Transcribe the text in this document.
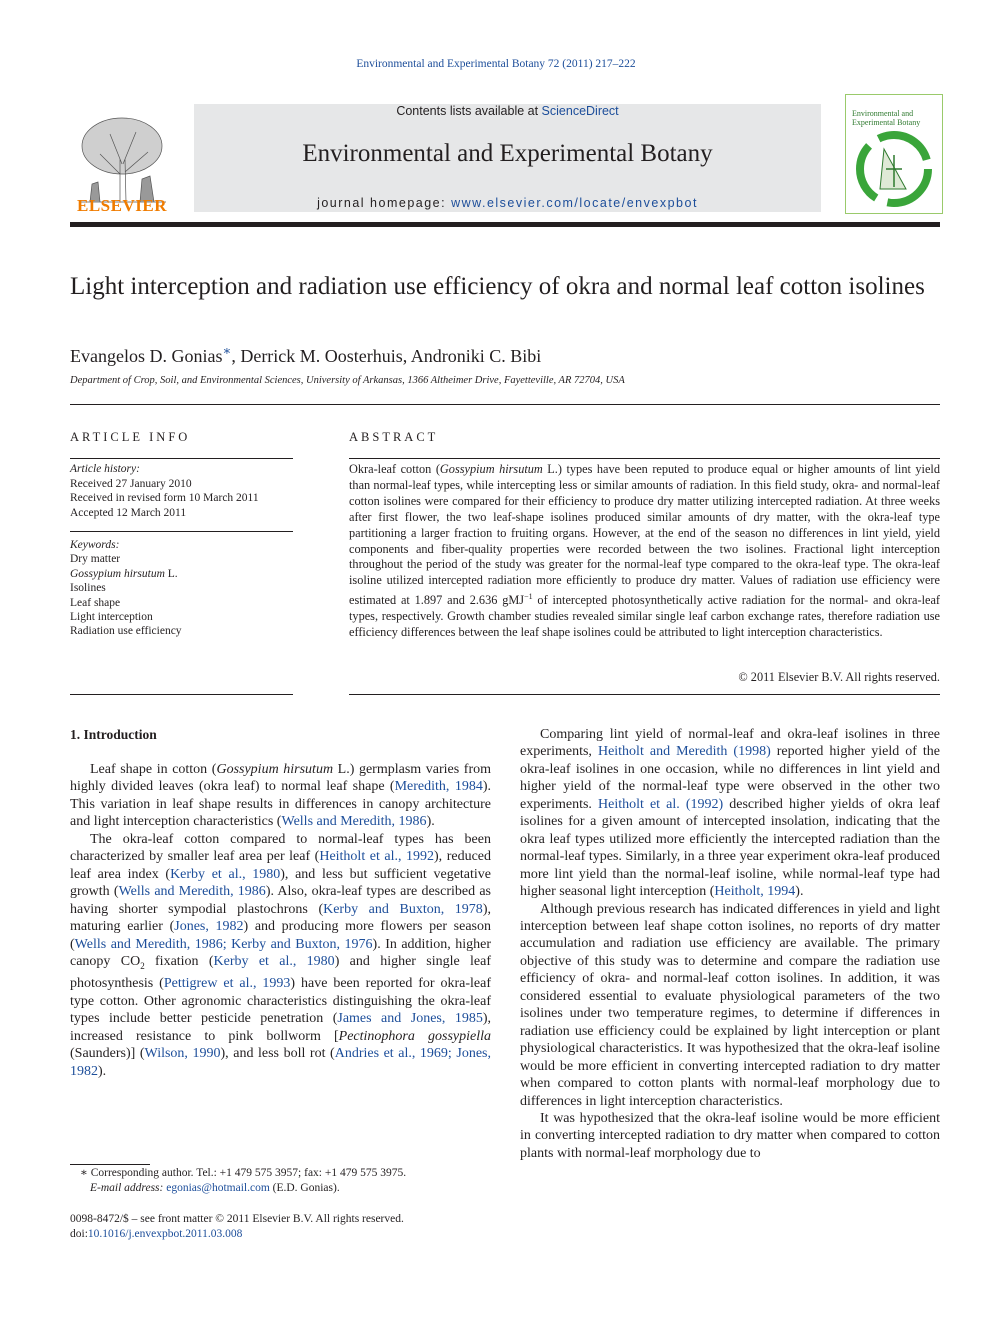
Environmental and Experimental Botany 72 (2011) 217–222
ELSEVIER
Contents lists available at ScienceDirect
Environmental and Experimental Botany
journal homepage: www.elsevier.com/locate/envexpbot
Environmental and Experimental Botany
Light interception and radiation use efficiency of okra and normal leaf cotton isolines
Evangelos D. Gonias∗, Derrick M. Oosterhuis, Androniki C. Bibi
Department of Crop, Soil, and Environmental Sciences, University of Arkansas, 1366 Altheimer Drive, Fayetteville, AR 72704, USA
ARTICLE INFO	ABSTRACT
Article history:
Received 27 January 2010
Received in revised form 10 March 2011
Accepted 12 March 2011
Keywords:
Dry matter
Gossypium hirsutum L.
Isolines
Leaf shape
Light interception
Radiation use efficiency
Okra-leaf cotton (Gossypium hirsutum L.) types have been reputed to produce equal or higher amounts of lint yield than normal-leaf types, while intercepting less or similar amounts of radiation. In this field study, okra- and normal-leaf cotton isolines were compared for their efficiency to produce dry matter utilizing intercepted radiation. At three weeks after first flower, the two leaf-shape isolines produced similar amounts of dry matter, with the okra-leaf type partitioning a larger fraction to fruiting organs. However, at the end of the season no differences in lint yield, yield components and fiber-quality properties were recorded between the two isolines. Fractional light interception throughout the period of the study was greater for the normal-leaf type compared to the okra-leaf type. The okra-leaf isoline utilized intercepted radiation more efficiently to produce dry matter. Values of radiation use efficiency were estimated at 1.897 and 2.636 gMJ$^{-1}$ of intercepted photosynthetically active radiation for the normal- and okra-leaf types, respectively. Growth chamber studies revealed similar single leaf carbon exchange rates, therefore radiation use efficiency differences between the leaf shape isolines could be attributed to light interception characteristics.
© 2011 Elsevier B.V. All rights reserved.
1. Introduction

Leaf shape in cotton (Gossypium hirsutum L.) germplasm varies from highly divided leaves (okra leaf) to normal leaf shape (Meredith, 1984). This variation in leaf shape results in differences in canopy architecture and light interception characteristics (Wells and Meredith, 1986).

The okra-leaf cotton compared to normal-leaf types has been characterized by smaller leaf area per leaf (Heitholt et al., 1992), reduced leaf area index (Kerby et al., 1980), and less but sufficient vegetative growth (Wells and Meredith, 1986). Also, okra-leaf types are described as having shorter sympodial plastochrons (Kerby and Buxton, 1978), maturing earlier (Jones, 1982) and producing more flowers per season (Wells and Meredith, 1986; Kerby and Buxton, 1976). In addition, higher canopy $CO_2$ fixation (Kerby et al., 1980) and higher single leaf photosynthesis (Pettigrew et al., 1993) have been reported for okra-leaf type cotton. Other agronomic characteristics distinguishing the okra-leaf types include better pesticide penetration (James and Jones, 1985), increased resistance to pink bollworm [Pectinophora gossypiella (Saunders)] (Wilson, 1990), and less boll rot (Andries et al., 1969; Jones, 1982).

Comparing lint yield of normal-leaf and okra-leaf isolines in three experiments, Heitholt and Meredith (1998) reported higher yield of the okra-leaf isolines in one occasion, while no differences in lint yield and higher yield of the normal-leaf type were observed in the other two experiments. Heitholt et al. (1992) described higher yields of okra leaf isolines for a given amount of intercepted insolation, indicating that the okra leaf types utilized more efficiently the intercepted radiation than the normal-leaf types. Similarly, in a three year experiment okra-leaf produced more lint yield than the normal-leaf isoline, while normal-leaf type had higher seasonal light interception (Heitholt, 1994).

Although previous research has indicated differences in yield and light interception between leaf shape cotton isolines, no reports of dry matter accumulation and radiation use efficiency are available. The primary objective of this study was to determine and compare the radiation use efficiency of okra- and normal-leaf cotton isolines. In addition, it was considered essential to evaluate physiological parameters of the two isolines under two temperature regimes, to determine if differences in radiation use efficiency could be explained by light interception or plant physiological characteristics. It was hypothesized that the okra-leaf isoline would be more efficient in converting intercepted radiation to dry matter when compared to cotton plants with normal-leaf morphology due to differences in light interception characteristics.

It was hypothesized that the okra-leaf isoline would be more efficient in converting intercepted radiation to dry matter when compared to cotton plants with normal-leaf morphology due to

∗ Corresponding author. Tel.: +1 479 575 3957; fax: +1 479 575 3975.
E-mail address: egonias@hotmail.com (E.D. Gonias).
0098-8472/$ – see front matter © 2011 Elsevier B.V. All rights reserved.
doi:10.1016/j.envexpbot.2011.03.008
